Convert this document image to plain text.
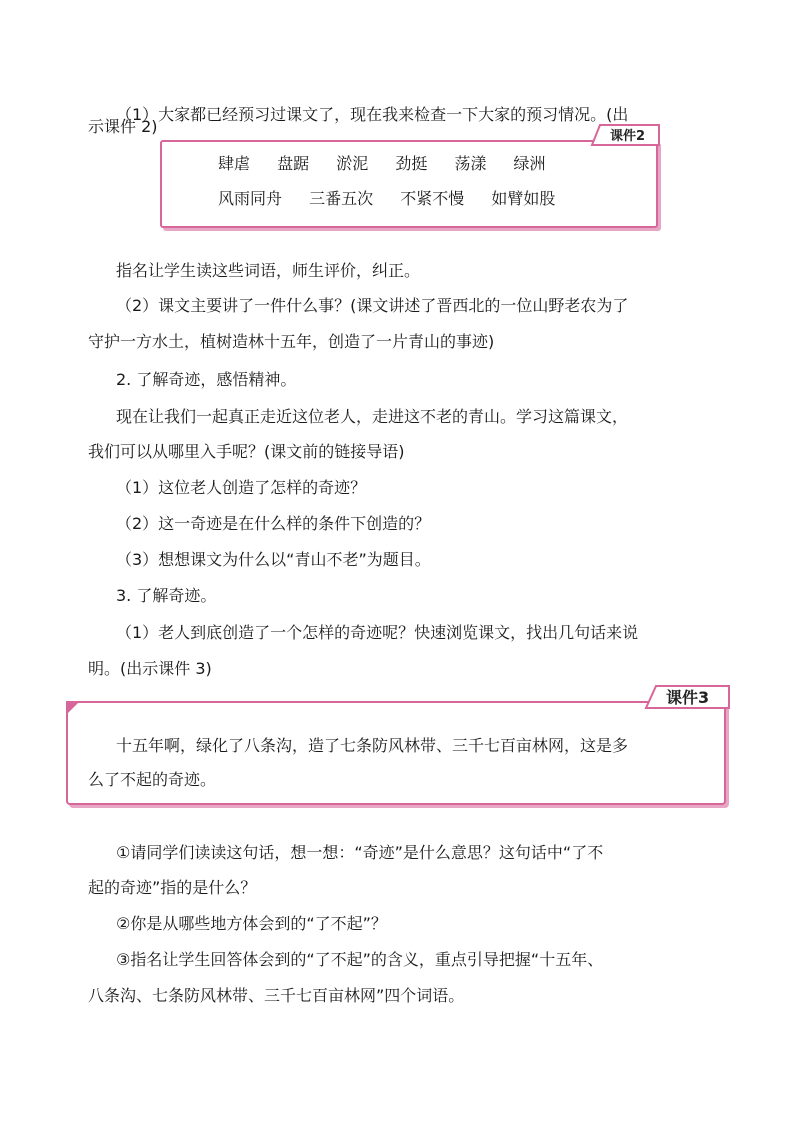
（1）大家都已经预习过课文了，现在我来检查一下大家的预习情况。(出
示课件 2)
课件2
肆虐 盘踞 淤泥 劲挺 荡漾 绿洲
风雨同舟 三番五次 不紧不慢 如臂如股
指名让学生读这些词语，师生评价，纠正。
（2）课文主要讲了一件什么事？(课文讲述了晋西北的一位山野老农为了
守护一方水土，植树造林十五年，创造了一片青山的事迹)
2. 了解奇迹，感悟精神。
现在让我们一起真正走近这位老人，走进这不老的青山。学习这篇课文，
我们可以从哪里入手呢？(课文前的链接导语)
（1）这位老人创造了怎样的奇迹？
（2）这一奇迹是在什么样的条件下创造的？
（3）想想课文为什么以“青山不老”为题目。
3. 了解奇迹。
（1）老人到底创造了一个怎样的奇迹呢？快速浏览课文，找出几句话来说
明。(出示课件 3)
课件3
十五年啊，绿化了八条沟，造了七条防风林带、三千七百亩林网，这是多
么了不起的奇迹。
①请同学们读读这句话，想一想：“奇迹”是什么意思？这句话中“了不
起的奇迹”指的是什么？
②你是从哪些地方体会到的“了不起”？
③指名让学生回答体会到的“了不起”的含义，重点引导把握“十五年、
八条沟、七条防风林带、三千七百亩林网”四个词语。
